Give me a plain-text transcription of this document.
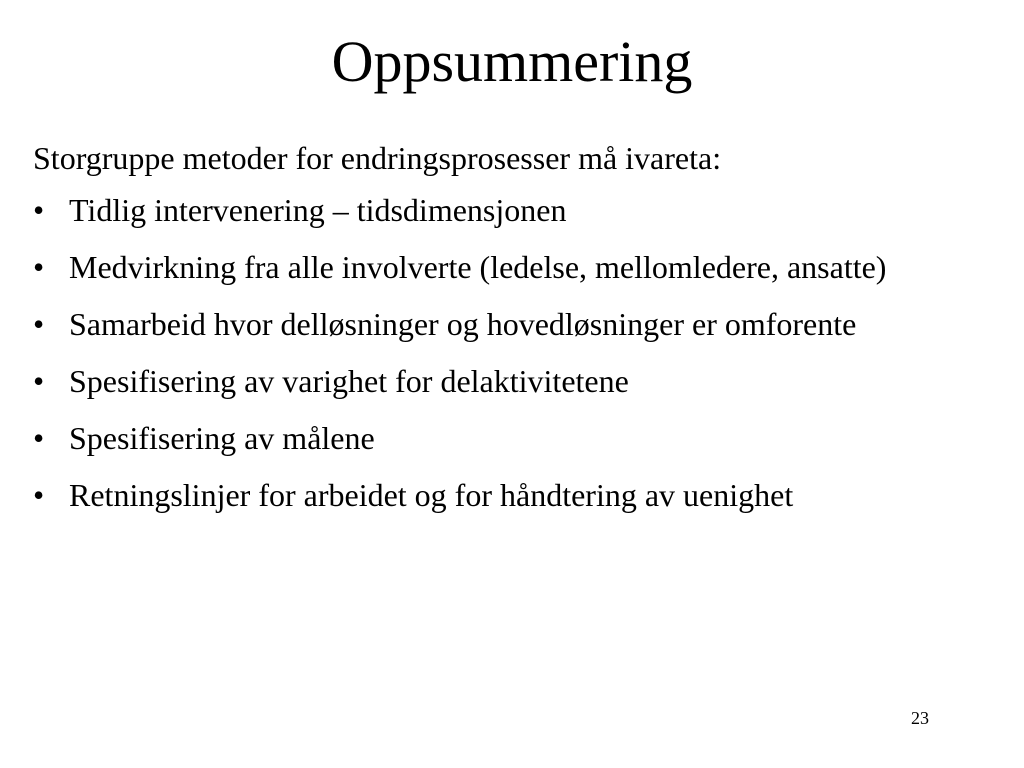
Oppsummering

Storgruppe metoder for endringsprosesser må ivareta:

• Tidlig intervenering – tidsdimensjonen
• Medvirkning fra alle involverte (ledelse, mellomledere, ansatte)
• Samarbeid hvor delløsninger og hovedløsninger er omforente
• Spesifisering av varighet for delaktivitetene
• Spesifisering av målene
• Retningslinjer for arbeidet og for håndtering av uenighet
23
